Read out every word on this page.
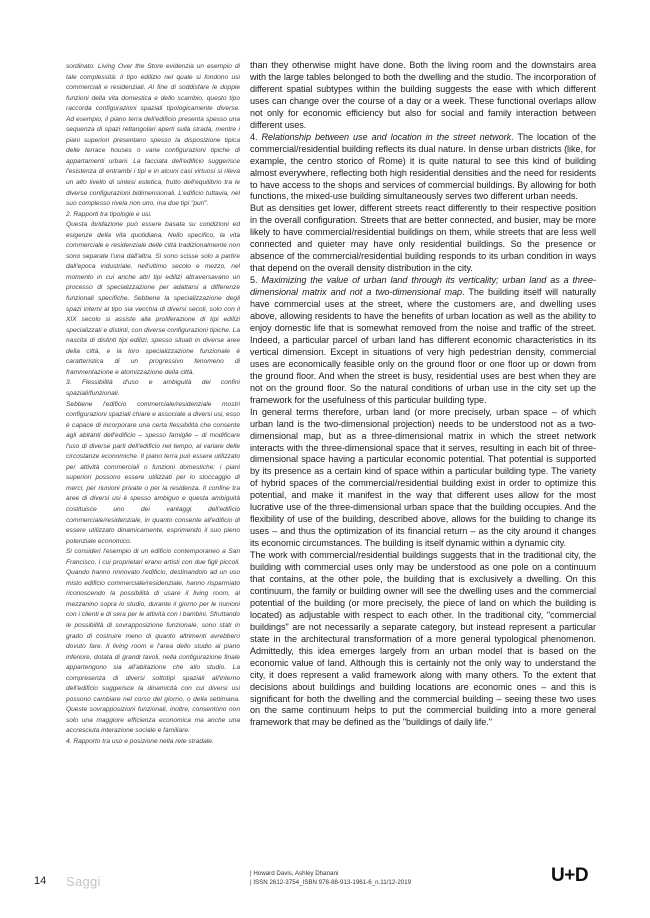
sordinato. Living Over the Store evidenzia un esempio di tale complessità: il tipo edilizio nel quale si fondono usi commerciali e residenziali. Al fine di soddisfare le doppie funzioni della vita domestica e dello scambio, questo tipo raccorda configurazioni spaziali tipologicamente diverse. Ad esempio, il piano terra dell'edificio presenta spesso una sequenza di spazi rettangolari aperti sulla strada, mentre i piani superiori presentano spesso la disposizione tipica delle terrace houses o varie configurazioni tipiche di appartamenti urbani. La facciata dell'edificio suggerisce l'esistenza di entrambi i tipi e in alcuni casi virtuosi si rileva un alto livello di sintesi estetica, frutto dell'equilibrio tra le diverse configurazioni bidimensionali. L'edificio tuttavia, nel suo complesso rivela non uno, ma due tipi "puri".

2. Rapporti tra tipologie e usi.

Questa ibridazione può essere basata su condizioni ed esigenze della vita quotidiana. Nello specifico, la vita commerciale e residenziale delle città tradizionalmente non sono separate l'una dall'altra. Si sono scisse solo a partire dall'epoca industriale, nell'ultimo secolo e mezzo, nel momento in cui anche altri tipi edilizi attraversavano un processo di specializzazione per adattarsi a differenze funzionali specifiche. Sebbene la specializzazione degli spazi interni al tipo sia vecchia di diversi secoli, solo con il XIX secolo si assiste alla proliferazione di tipi edilizi specializzati e distinti, con diverse configurazioni tipiche. La nascita di distinti tipi edilizi, spesso situati in diverse aree della città, e la loro specializzazione funzionale è caratteristica di un progressivo fenomeno di frammentazione e atomizzazione della città.

3. Flessibilità d'uso e ambiguità dei confini spaziali/funzionali.

Sebbene l'edificio commerciale/residenziale mostri configurazioni spaziali chiare e associate a diversi usi, esso è capace di incorporare una certa flessibilità che consente agli abitanti dell'edificio – spesso famiglie – di modificare l'uso di diverse parti dell'edificio nel tempo, al variare delle circostanze economiche. Il piano terra può essere utilizzato per attività commerciali o funzioni domestiche; i piani superiori possono essere utilizzati per lo stoccaggio di merci, per riunioni private o per la residenza. Il confine tra aree di diversi usi è spesso ambiguo e questa ambiguità costituisce uno dei vantaggi dell'edificio commerciale/residenziale, in quanto consente all'edificio di essere utilizzato dinamicamente, esprimendo il suo pieno potenziale economico.

Si consideri l'esempio di un edificio contemporaneo a San Francisco, i cui proprietari erano artisti con due figli piccoli. Quando hanno rinnovato l'edificio, destinandolo ad un uso misto edificio commerciale/residenziale, hanno risparmiato riconoscendo la possibilità di usare il living room, al mezzanino sopra lo studio, durante il giorno per le riunioni con i clienti e di sera per le attività con i bambini. Sfruttando le possibilità di sovrapposizione funzionale, sono stati in grado di costruire meno di quanto altrimenti avrebbero dovuto fare. Il living room e l'area dello studio al piano inferiore, dotata di grandi tavoli, nella configurazione finale appartengono sia all'abitazione che allo studio. La compresenza di diversi sottotipi spaziali all'interno dell'edificio suggerisce la dinamicità con cui diversi usi possono cambiare nel corso del giorno, o della settimana. Queste sovrapposizioni funzionali, inoltre, consentono non solo una maggiore efficienza economica ma anche una accresciuta interazione sociale e familiare.

4. Rapporto tra uso e posizione nella rete stradale.

than they otherwise might have done. Both the living room and the downstairs area with the large tables belonged to both the dwelling and the studio. The incorporation of different spatial subtypes within the building suggests the ease with which different uses can change over the course of a day or a week. These functional overlaps allow not only for economic efficiency but also for social and family interaction between different uses.

4. Relationship between use and location in the street network. The location of the commercial/residential building reflects its dual nature. In dense urban districts (like, for example, the centro storico of Rome) it is quite natural to see this kind of building almost everywhere, reflecting both high residential densities and the need for residents to have access to the shops and services of commercial buildings. By allowing for both functions, the mixed-use building simultaneously serves two different urban needs.

But as densities get lower, different streets react differently to their respective position in the overall configuration. Streets that are better connected, and busier, may be more likely to have commercial/residential buildings on them, while streets that are less well connected and quieter may have only residential buildings. So the presence or absence of the commercial/residential building responds to its urban condition in ways that depend on the overall density distribution in the city.

5. Maximizing the value of urban land through its verticality; urban land as a three-dimensional matrix and not a two-dimensional map. The building itself will naturally have commercial uses at the street, where the customers are, and dwelling uses above, allowing residents to have the benefits of urban location as well as the ability to enjoy domestic life that is somewhat removed from the noise and traffic of the street. Indeed, a particular parcel of urban land has different economic characteristics in its vertical dimension. Except in situations of very high pedestrian density, commercial uses are economically feasible only on the ground floor or one floor up or down from the ground floor. And when the street is busy, residential uses are best when they are not on the ground floor. So the natural conditions of urban use in the city set up the framework for the usefulness of this particular building type.

In general terms therefore, urban land (or more precisely, urban space – of which urban land is the two-dimensional projection) needs to be understood not as a two-dimensional map, but as a three-dimensional matrix in which the street network interacts with the three-dimensional space that it serves, resulting in each bit of three-dimensional space having a particular economic potential. That potential is supported by its presence as a certain kind of space within a particular building type. The variety of hybrid spaces of the commercial/residential building exist in order to optimize this potential, and make it manifest in the way that different uses allow for the most lucrative use of the three-dimensional urban space that the building occupies. And the flexibility of use of the building, described above, allows for the building to change its uses – and thus the optimization of its financial return – as the city around it changes its economic circumstances. The building is itself dynamic within a dynamic city.

The work with commercial/residential buildings suggests that in the traditional city, the building with commercial uses only may be understood as one pole on a continuum that contains, at the other pole, the building that is exclusively a dwelling. On this continuum, the family or building owner will see the dwelling uses and the commercial potential of the building (or more precisely, the piece of land on which the building is located) as adjustable with respect to each other. In the traditional city, "commercial buildings" are not necessarily a separate category, but instead represent a particular state in the architectural transformation of a more general typological phenomenon. Admittedly, this idea emerges largely from an urban model that is based on the economic value of land. Although this is certainly not the only way to understand the city, it does represent a valid framework along with many others. To the extent that decisions about buildings and building locations are economic ones – and this is significant for both the dwelling and the commercial building – seeing these two uses on the same continuum helps to put the commercial building into a more general framework that may be defined as the "buildings of daily life."

14 Saggi
| Howard Davis, Ashley Dhanani
| ISSN 2612-3754_ISBN 978-88-913-1961-6_n.11/12-2019	U+D
